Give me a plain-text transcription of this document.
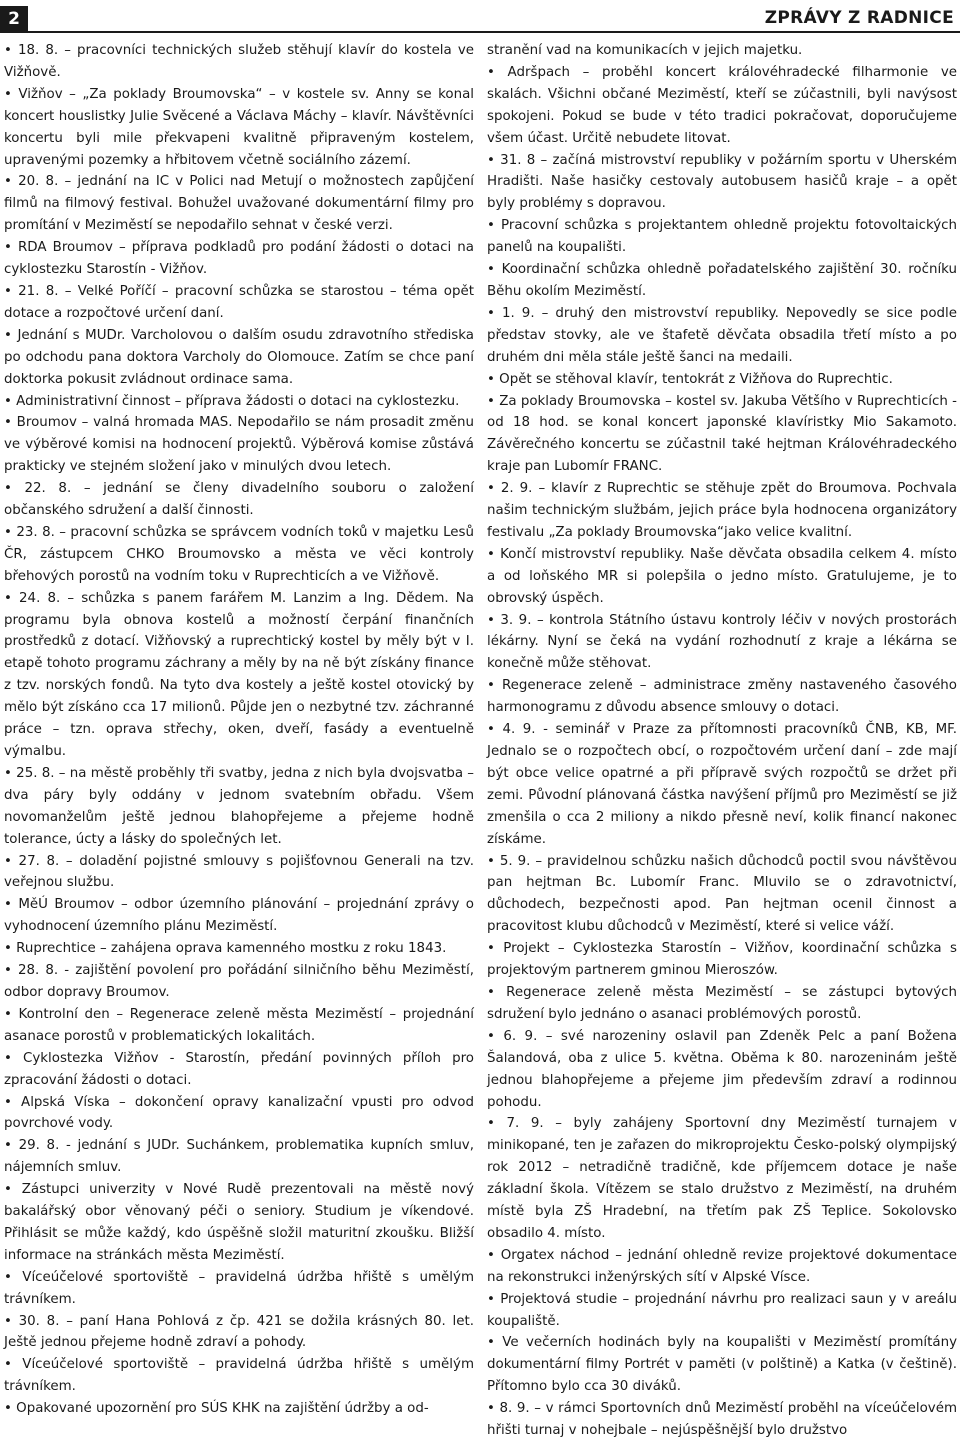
2	ZPRÁVY Z RADNICE

• 18. 8. – pracovníci technických služeb stěhují klavír do kostela ve Vižňově.

• Vižňov – „Za poklady Broumovska“ – v kostele sv. Anny se konal koncert houslistky Julie Svěcené a Václava Máchy – klavír. Návštěvníci koncertu byli mile překvapeni kvalitně připraveným kostelem, upravenými pozemky a hřbitovem včetně sociálního zázemí.

• 20. 8. – jednání na IC v Polici nad Metují o možnostech zapůjčení filmů na filmový festival. Bohužel uvažované dokumentární filmy pro promítání v Meziměstí se nepodařilo sehnat v české verzi.

• RDA Broumov – příprava podkladů pro podání žádosti o dotaci na cyklostezku Starostín - Vižňov.

• 21. 8. – Velké Poříčí – pracovní schůzka se starostou – téma opět dotace a rozpočtové určení daní.

• Jednání s MUDr. Varcholovou o dalším osudu zdravotního střediska po odchodu pana doktora Varcholy do Olomouce. Zatím se chce paní doktorka pokusit zvládnout ordinace sama.

• Administrativní činnost – příprava žádosti o dotaci na cyklostezku.

• Broumov – valná hromada MAS. Nepodařilo se nám prosadit změnu ve výběrové komisi na hodnocení projektů. Výběrová komise zůstává prakticky ve stejném složení jako v minulých dvou letech.

• 22. 8. – jednání se členy divadelního souboru o založení občanského sdružení a další činnosti.

• 23. 8. – pracovní schůzka se správcem vodních toků v majetku Lesů ČR, zástupcem CHKO Broumovsko a města ve věci kontroly břehových porostů na vodním toku v Ruprechticích a ve Vižňově.

• 24. 8. – schůzka s panem farářem M. Lanzim a Ing. Dědem. Na programu byla obnova kostelů a možností čerpání finančních prostředků z dotací. Vižňovský a ruprechtický kostel by měly být v I. etapě tohoto programu záchrany a měly by na ně být získány finance z tzv. norských fondů. Na tyto dva kostely a ještě kostel otovický by mělo být získáno cca 17 milionů. Půjde jen o nezbytné tzv. záchranné práce – tzn. oprava střechy, oken, dveří, fasády a eventuelně výmalbu.

• 25. 8. – na městě proběhly tři svatby, jedna z nich byla dvojsvatba – dva páry byly oddány v jednom svatebním obřadu. Všem novomanželům ještě jednou blahopřejeme a přejeme hodně tolerance, úcty a lásky do společných let.

• 27. 8. – doladění pojistné smlouvy s pojišťovnou Generali na tzv. veřejnou službu.

• MěÚ Broumov – odbor územního plánování – projednání zprávy o vyhodnocení územního plánu Meziměstí.

• Ruprechtice – zahájena oprava kamenného mostku z roku 1843.

• 28. 8. - zajištění povolení pro pořádání silničního běhu Meziměstí, odbor dopravy Broumov.

• Kontrolní den – Regenerace zeleně města Meziměstí – projednání asanace porostů v problematických lokalitách.

• Cyklostezka Vižňov - Starostín, předání povinných příloh pro zpracování žádosti o dotaci.

• Alpská Víska – dokončení opravy kanalizační vpusti pro odvod povrchové vody.

• 29. 8. - jednání s JUDr. Suchánkem, problematika kupních smluv, nájemních smluv.

• Zástupci univerzity v Nové Rudě prezentovali na městě nový bakalářský obor věnovaný péči o seniory. Studium je víkendové. Přihlásit se může každý, kdo úspěšně složil maturitní zkoušku. Bližší informace na stránkách města Meziměstí.

• Víceúčelové sportoviště – pravidelná údržba hřiště s umělým trávníkem.

• 30. 8. – paní Hana Pohlová z čp. 421 se dožila krásných 80. let. Ještě jednou přejeme hodně zdraví a pohody.

• Víceúčelové sportoviště – pravidelná údržba hřiště s umělým trávníkem.

• Opakované upozornění pro SÚS KHK na zajištění údržby a od-

stranění vad na komunikacích v jejich majetku.

• Adršpach – proběhl koncert královéhradecké filharmonie ve skalách. Všichni občané Meziměstí, kteří se zúčastnili, byli navýsost spokojeni. Pokud se bude v této tradici pokračovat, doporučujeme všem účast. Určitě nebudete litovat.

• 31. 8 – začíná mistrovství republiky v požárním sportu v Uherském Hradišti. Naše hasičky cestovaly autobusem hasičů kraje – a opět byly problémy s dopravou.

• Pracovní schůzka s projektantem ohledně projektu fotovoltaických panelů na koupališti.

• Koordinační schůzka ohledně pořadatelského zajištění 30. ročníku Běhu okolím Meziměstí.

• 1. 9. – druhý den mistrovství republiky. Nepovedly se sice podle představ stovky, ale ve štafetě děvčata obsadila třetí místo a po druhém dni měla stále ještě šanci na medaili.

• Opět se stěhoval klavír, tentokrát z Vižňova do Ruprechtic.

• Za poklady Broumovska – kostel sv. Jakuba Většího v Ruprechticích - od 18 hod. se konal koncert japonské klavíristky Mio Sakamoto. Závěrečného koncertu se zúčastnil také hejtman Královéhradeckého kraje pan Lubomír FRANC.

• 2. 9. – klavír z Ruprechtic se stěhuje zpět do Broumova. Pochvala našim technickým službám, jejich práce byla hodnocena organizátory festivalu „Za poklady Broumovska“jako velice kvalitní.

• Končí mistrovství republiky. Naše děvčata obsadila celkem 4. místo a od loňského MR si polepšila o jedno místo. Gratulujeme, je to obrovský úspěch.

• 3. 9. – kontrola Státního ústavu kontroly léčiv v nových prostorách lékárny. Nyní se čeká na vydání rozhodnutí z kraje a lékárna se konečně může stěhovat.

• Regenerace zeleně – administrace změny nastaveného časového harmonogramu z důvodu absence smlouvy o dotaci.

• 4. 9. - seminář v Praze za přítomnosti pracovníků ČNB, KB, MF. Jednalo se o rozpočtech obcí, o rozpočtovém určení daní – zde mají být obce velice opatrné a při přípravě svých rozpočtů se držet při zemi. Původní plánovaná částka navýšení příjmů pro Meziměstí se již zmenšila o cca 2 miliony a nikdo přesně neví, kolik financí nakonec získáme.

• 5. 9. – pravidelnou schůzku našich důchodců poctil svou návštěvou pan hejtman Bc. Lubomír Franc. Mluvilo se o zdravotnictví, důchodech, bezpečnosti apod. Pan hejtman ocenil činnost a pracovitost klubu důchodců v Meziměstí, které si velice váží.

• Projekt – Cyklostezka Starostín – Vižňov, koordinační schůzka s projektovým partnerem gminou Mieroszów.

• Regenerace zeleně města Meziměstí – se zástupci bytových sdružení bylo jednáno o asanaci problémových porostů.

• 6. 9. – své narozeniny oslavil pan Zdeněk Pelc a paní Božena Šalandová, oba z ulice 5. května. Oběma k 80. narozeninám ještě jednou blahopřejeme a přejeme jim především zdraví a rodinnou pohodu.

• 7. 9. – byly zahájeny Sportovní dny Meziměstí turnajem v minikopané, ten je zařazen do mikroprojektu Česko-polský olympijský rok 2012 – netradičně tradičně, kde příjemcem dotace je naše základní škola. Vítězem se stalo družstvo z Meziměstí, na druhém místě byla ZŠ Hradební, na třetím pak ZŠ Teplice. Sokolovsko obsadilo 4. místo.

• Orgatex náchod – jednání ohledně revize projektové dokumentace na rekonstrukci inženýrských sítí v Alpské Vísce.

• Projektová studie – projednání návrhu pro realizaci saun y v areálu koupaliště.

• Ve večerních hodinách byly na koupališti v Meziměstí promítány dokumentární filmy Portrét v paměti (v polštině) a Katka (v češtině). Přítomno bylo cca 30 diváků.

• 8. 9. – v rámci Sportovních dnů Meziměstí proběhl na víceúčelovém hřišti turnaj v nohejbale – nejúspěšnější bylo družstvo
